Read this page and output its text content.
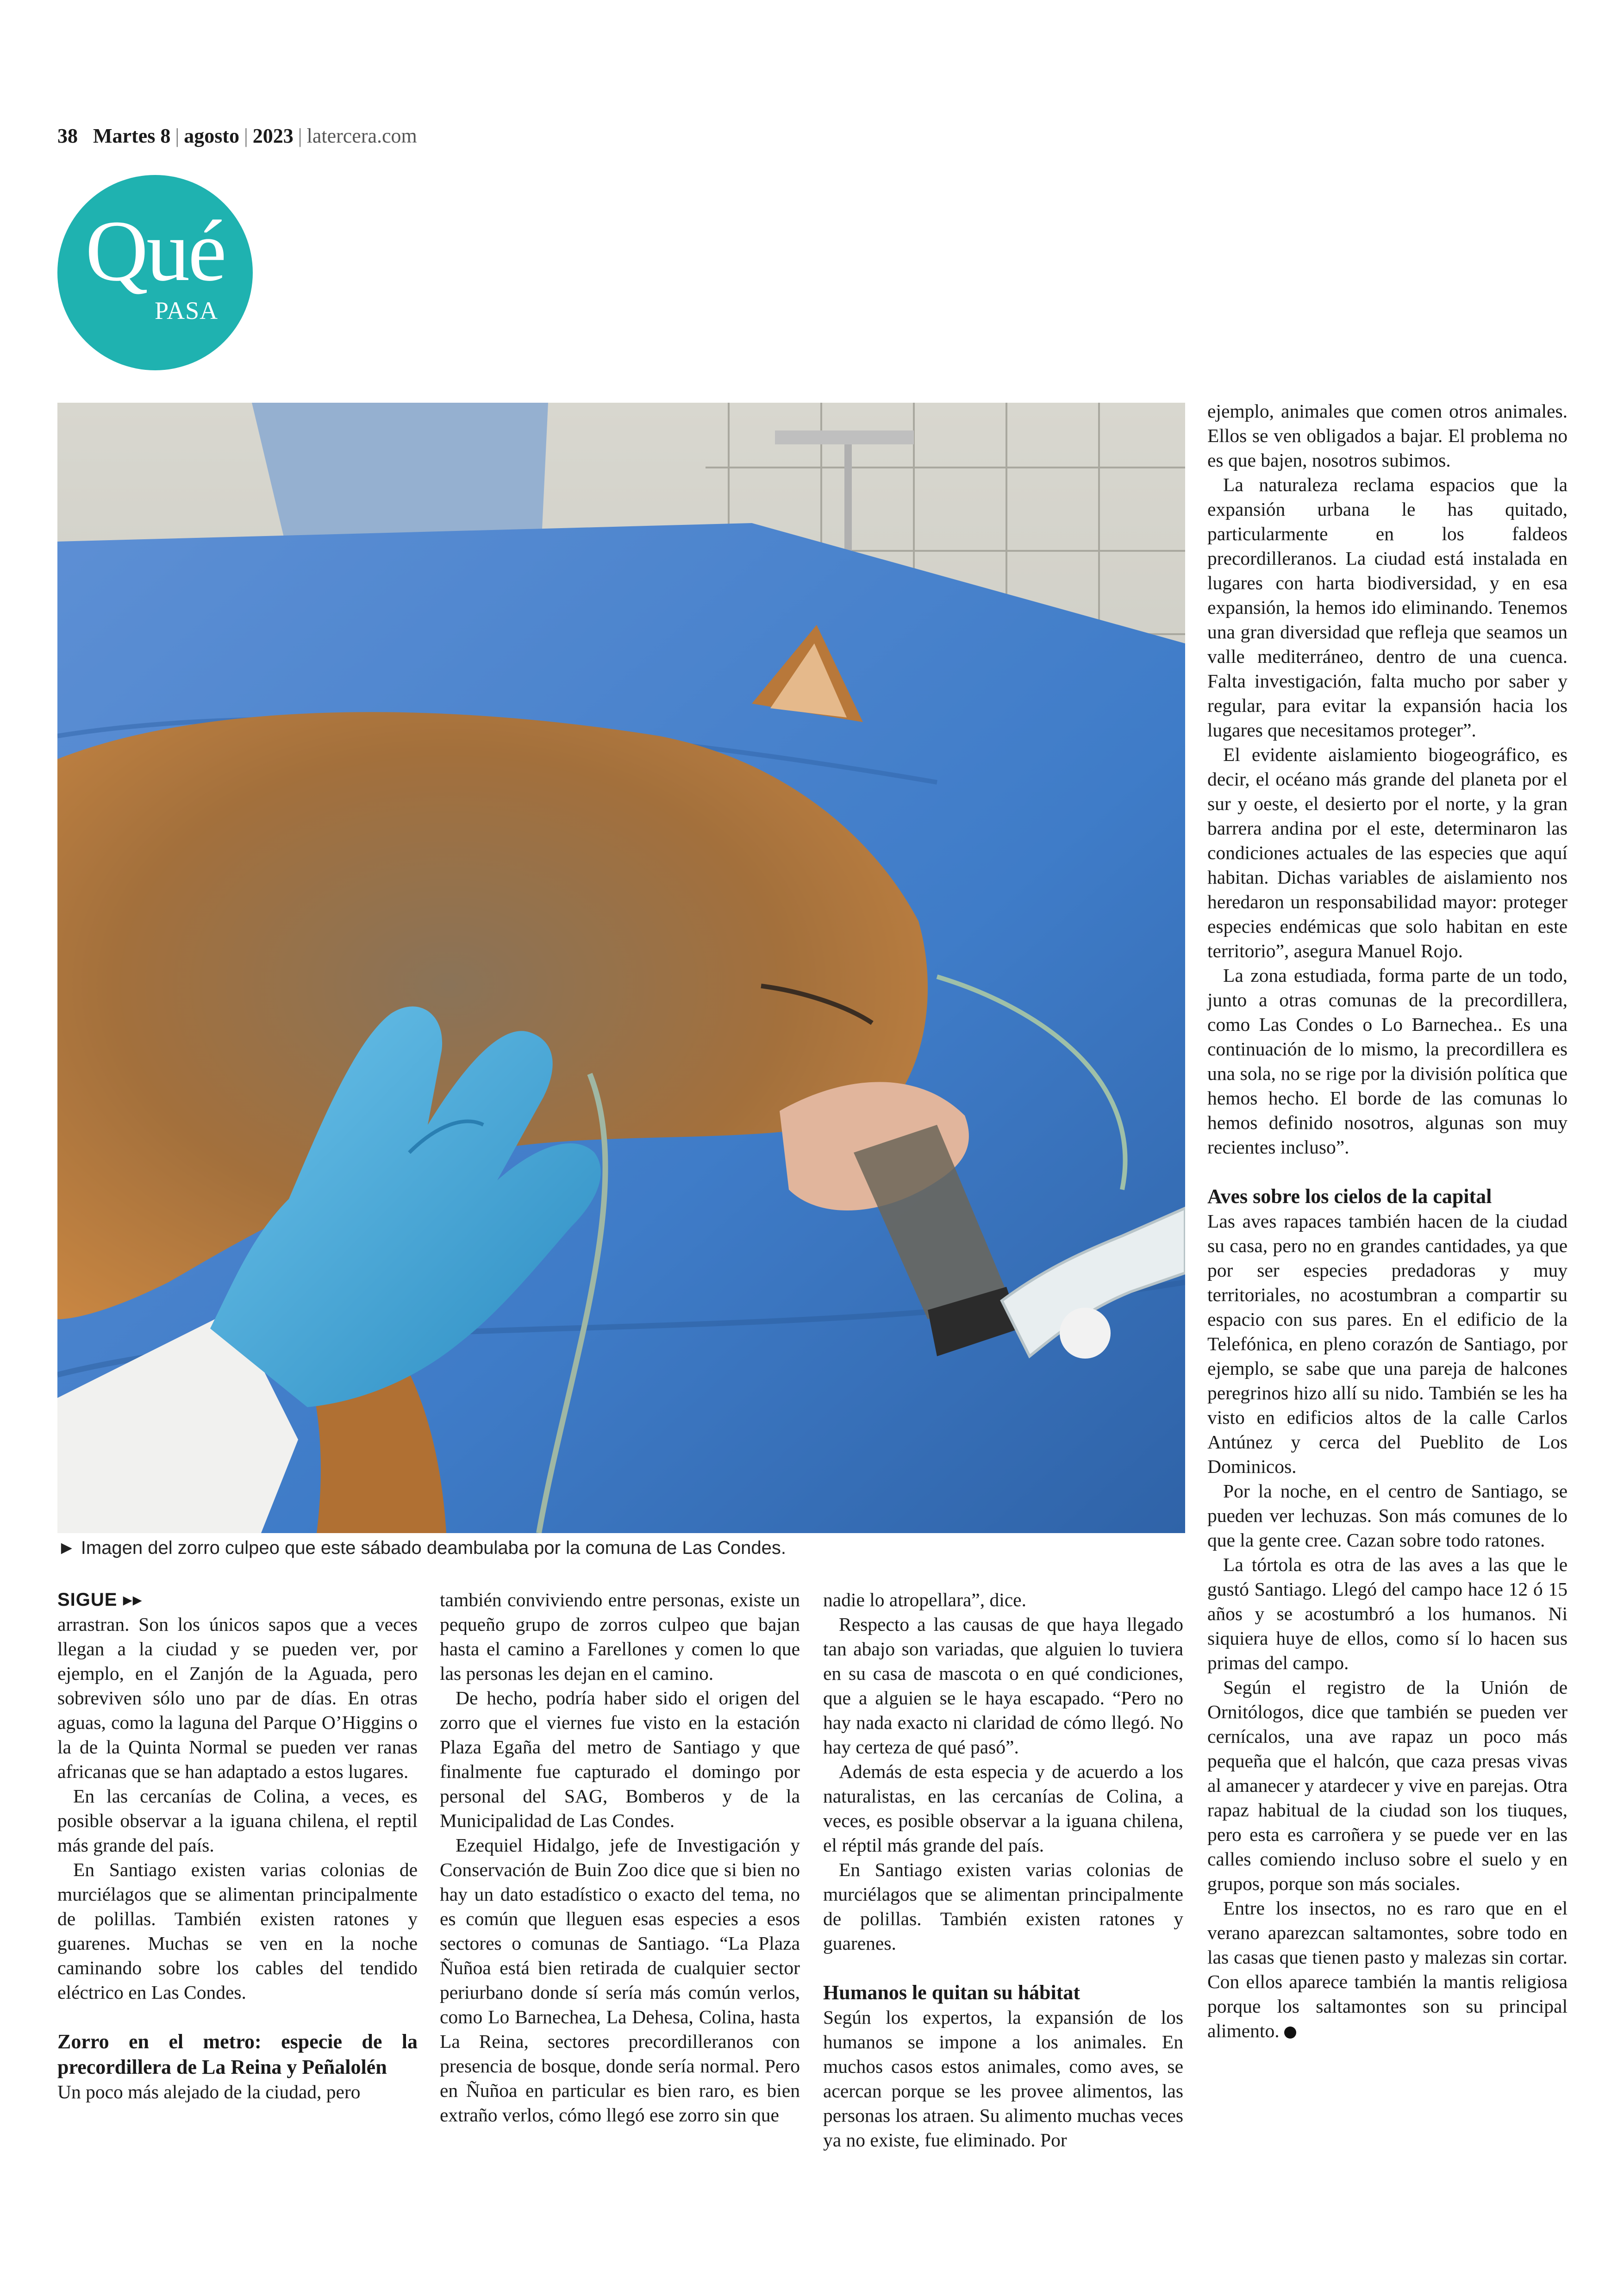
38 Martes 8 | agosto | 2023 | latercera.com
Qué
PASA
► Imagen del zorro culpeo que este sábado deambulaba por la comuna de Las Condes.
SIGUE ▸▸

arrastran. Son los únicos sapos que a veces llegan a la ciudad y se pueden ver, por ejemplo, en el Zanjón de la Aguada, pero sobreviven sólo uno par de días. En otras aguas, como la laguna del Parque O’Higgins o la de la Quinta Normal se pueden ver ranas africanas que se han adaptado a estos lugares.

En las cercanías de Colina, a veces, es posible observar a la iguana chilena, el reptil más grande del país.

En Santiago existen varias colonias de murciélagos que se alimentan principalmente de polillas. También existen ratones y guarenes. Muchas se ven en la noche caminando sobre los cables del tendido eléctrico en Las Condes.

Zorro en el metro: especie de la precordillera de La Reina y Peñalolén

Un poco más alejado de la ciudad, pero

también conviviendo entre personas, existe un pequeño grupo de zorros culpeo que bajan hasta el camino a Farellones y comen lo que las personas les dejan en el camino.

De hecho, podría haber sido el origen del zorro que el viernes fue visto en la estación Plaza Egaña del metro de Santiago y que finalmente fue capturado el domingo por personal del SAG, Bomberos y de la Municipalidad de Las Condes.

Ezequiel Hidalgo, jefe de Investigación y Conservación de Buin Zoo dice que si bien no hay un dato estadístico o exacto del tema, no es común que lleguen esas especies a esos sectores o comunas de Santiago. “La Plaza Ñuñoa está bien retirada de cualquier sector periurbano donde sí sería más común verlos, como Lo Barnechea, La Dehesa, Colina, hasta La Reina, sectores precordilleranos con presencia de bosque, donde sería normal. Pero en Ñuñoa en particular es bien raro, es bien extraño verlos, cómo llegó ese zorro sin que

nadie lo atropellara”, dice.

Respecto a las causas de que haya llegado tan abajo son variadas, que alguien lo tuviera en su casa de mascota o en qué condiciones, que a alguien se le haya escapado. “Pero no hay nada exacto ni claridad de cómo llegó. No hay certeza de qué pasó”.

Además de esta especia y de acuerdo a los naturalistas, en las cercanías de Colina, a veces, es posible observar a la iguana chilena, el réptil más grande del país.

En Santiago existen varias colonias de murciélagos que se alimentan principalmente de polillas. También existen ratones y guarenes.

Humanos le quitan su hábitat

Según los expertos, la expansión de los humanos se impone a los animales. En muchos casos estos animales, como aves, se acercan porque se les provee alimentos, las personas los atraen. Su alimento muchas veces ya no existe, fue eliminado. Por

ejemplo, animales que comen otros animales. Ellos se ven obligados a bajar. El problema no es que bajen, nosotros subimos.

La naturaleza reclama espacios que la expansión urbana le has quitado, particularmente en los faldeos precordilleranos. La ciudad está instalada en lugares con harta biodiversidad, y en esa expansión, la hemos ido eliminando. Tenemos una gran diversidad que refleja que seamos un valle mediterráneo, dentro de una cuenca. Falta investigación, falta mucho por saber y regular, para evitar la expansión hacia los lugares que necesitamos proteger”.

El evidente aislamiento biogeográfico, es decir, el océano más grande del planeta por el sur y oeste, el desierto por el norte, y la gran barrera andina por el este, determinaron las condiciones actuales de las especies que aquí habitan. Dichas variables de aislamiento nos heredaron un responsabilidad mayor: proteger especies endémicas que solo habitan en este territorio”, asegura Manuel Rojo.

La zona estudiada, forma parte de un todo, junto a otras comunas de la precordillera, como Las Condes o Lo Barnechea.. Es una continuación de lo mismo, la precordillera es una sola, no se rige por la división política que hemos hecho. El borde de las comunas lo hemos definido nosotros, algunas son muy recientes incluso”.

Aves sobre los cielos de la capital

Las aves rapaces también hacen de la ciudad su casa, pero no en grandes cantidades, ya que por ser especies predadoras y muy territoriales, no acostumbran a compartir su espacio con sus pares. En el edificio de la Telefónica, en pleno corazón de Santiago, por ejemplo, se sabe que una pareja de halcones peregrinos hizo allí su nido. También se les ha visto en edificios altos de la calle Carlos Antúnez y cerca del Pueblito de Los Dominicos.

Por la noche, en el centro de Santiago, se pueden ver lechuzas. Son más comunes de lo que la gente cree. Cazan sobre todo ratones.

La tórtola es otra de las aves a las que le gustó Santiago. Llegó del campo hace 12 ó 15 años y se acostumbró a los humanos. Ni siquiera huye de ellos, como sí lo hacen sus primas del campo.

Según el registro de la Unión de Ornitólogos, dice que también se pueden ver cernícalos, una ave rapaz un poco más pequeña que el halcón, que caza presas vivas al amanecer y atardecer y vive en parejas. Otra rapaz habitual de la ciudad son los tiuques, pero esta es carroñera y se puede ver en las calles comiendo incluso sobre el suelo y en grupos, porque son más sociales.

Entre los insectos, no es raro que en el verano aparezcan saltamontes, sobre todo en las casas que tienen pasto y malezas sin cortar. Con ellos aparece también la mantis religiosa porque los saltamontes son su principal alimento.
